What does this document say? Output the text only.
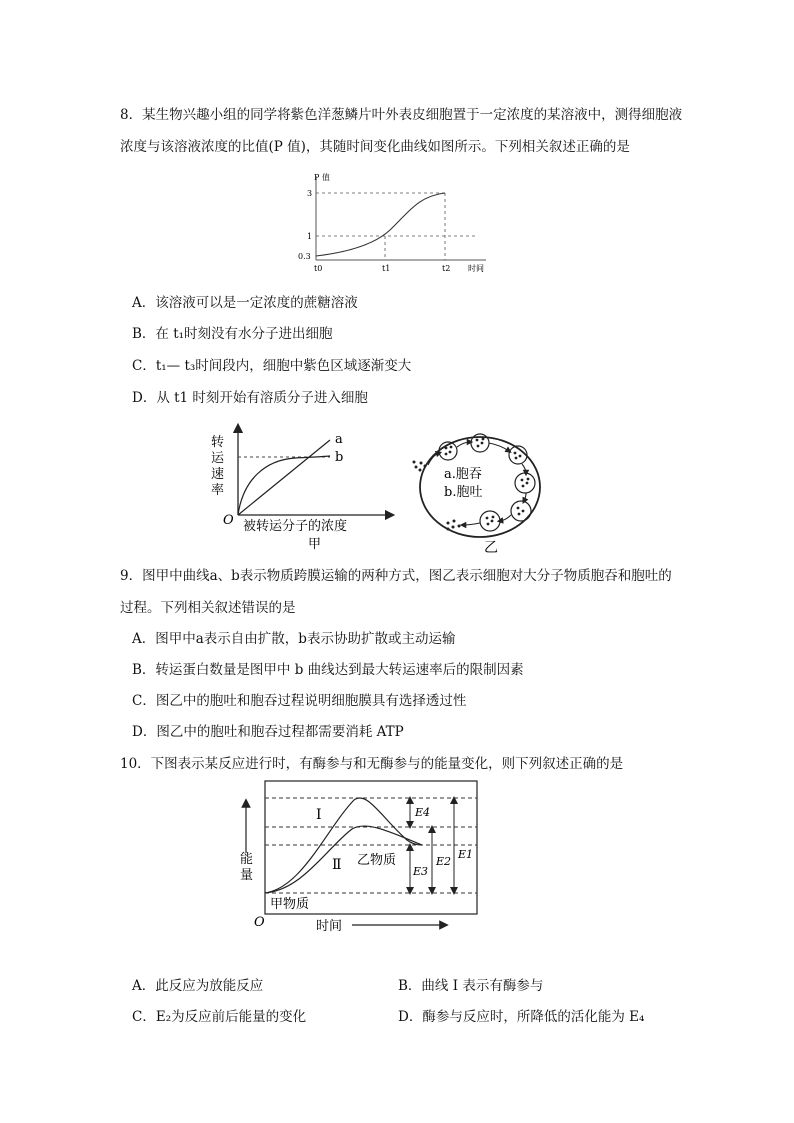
8．某生物兴趣小组的同学将紫色洋葱鳞片叶外表皮细胞置于一定浓度的某溶液中，测得细胞液
浓度与该溶液浓度的比值(P 值)，其随时间变化曲线如图所示。下列相关叙述正确的是
P 值
3
1
0.3
t0	t1	t2 时间
A．该溶液可以是一定浓度的蔗糖溶液
B．在 t₁时刻没有水分子进出细胞
C．t₁— t₃时间段内，细胞中紫色区域逐渐变大
D．从 t1 时刻开始有溶质分子进入细胞
转
运
速
率
a
b
O 被转运分子的浓度
甲
a.胞吞
b.胞吐
乙
9．图甲中曲线a、b表示物质跨膜运输的两种方式，图乙表示细胞对大分子物质胞吞和胞吐的
过程。下列相关叙述错误的是
A．图甲中a表示自由扩散，b表示协助扩散或主动运输
B．转运蛋白数量是图甲中 b 曲线达到最大转运速率后的限制因素
C．图乙中的胞吐和胞吞过程说明细胞膜具有选择透过性
D．图乙中的胞吐和胞吞过程都需要消耗 ATP
10．下图表示某反应进行时，有酶参与和无酶参与的能量变化，则下列叙述正确的是
能
量
O	时间
Ⅰ
Ⅱ 乙物质
甲物质
E4
E3
E2
E1
A．此反应为放能反应	B．曲线 I 表示有酶参与
C．E₂为反应前后能量的变化	D．酶参与反应时，所降低的活化能为 E₄
